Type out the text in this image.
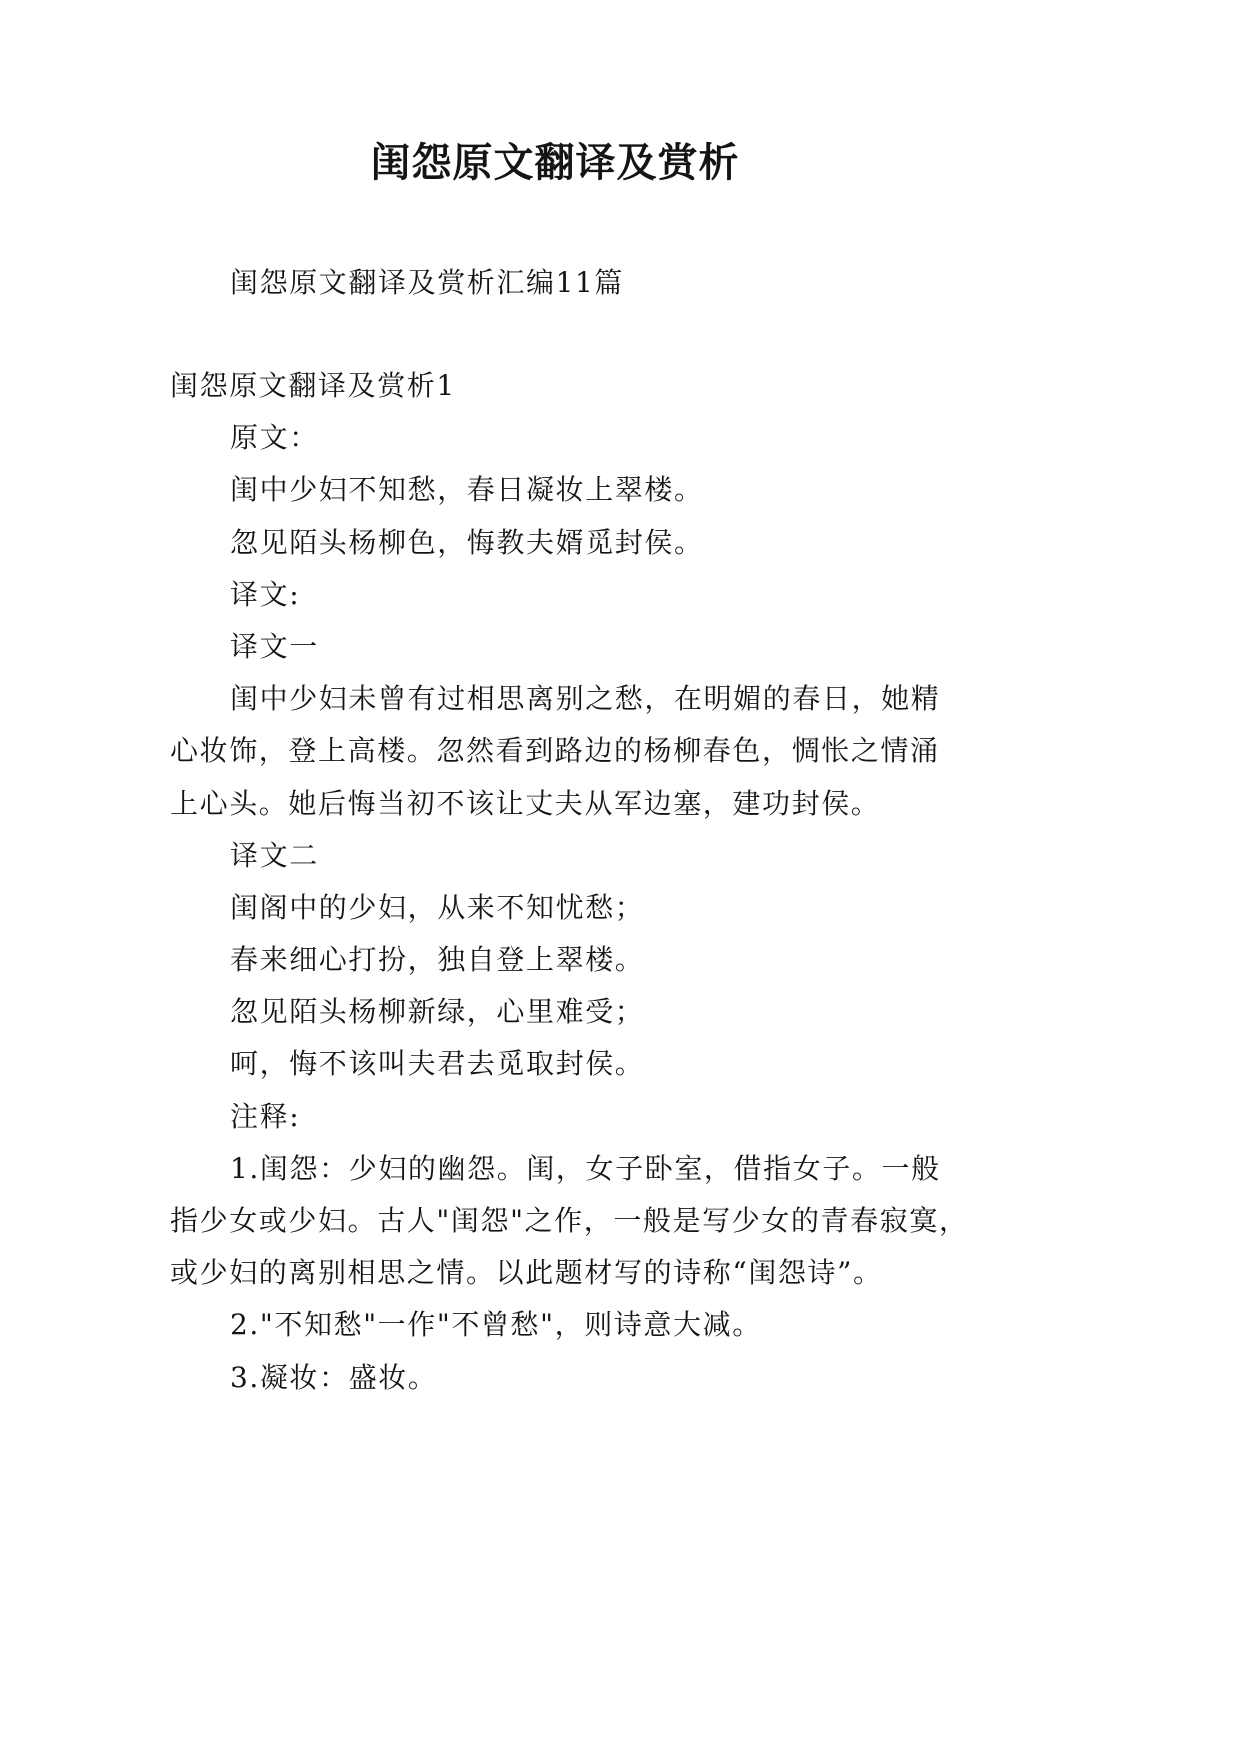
闺怨原文翻译及赏析
闺怨原文翻译及赏析汇编11篇
闺怨原文翻译及赏析1
原文：
闺中少妇不知愁，春日凝妆上翠楼。
忽见陌头杨柳色，悔教夫婿觅封侯。
译文:
译文一
闺中少妇未曾有过相思离别之愁，在明媚的春日，她精
心妆饰，登上高楼。忽然看到路边的杨柳春色，惆怅之情涌
上心头。她后悔当初不该让丈夫从军边塞，建功封侯。
译文二
闺阁中的少妇，从来不知忧愁；
春来细心打扮，独自登上翠楼。
忽见陌头杨柳新绿，心里难受；
呵，悔不该叫夫君去觅取封侯。
注释:
1.闺怨：少妇的幽怨。闺，女子卧室，借指女子。一般
指少女或少妇。古人"闺怨"之作，一般是写少女的青春寂寞，
或少妇的离别相思之情。以此题材写的诗称“闺怨诗”。
2."不知愁"一作"不曾愁"，则诗意大减。
3.凝妆：盛妆。
